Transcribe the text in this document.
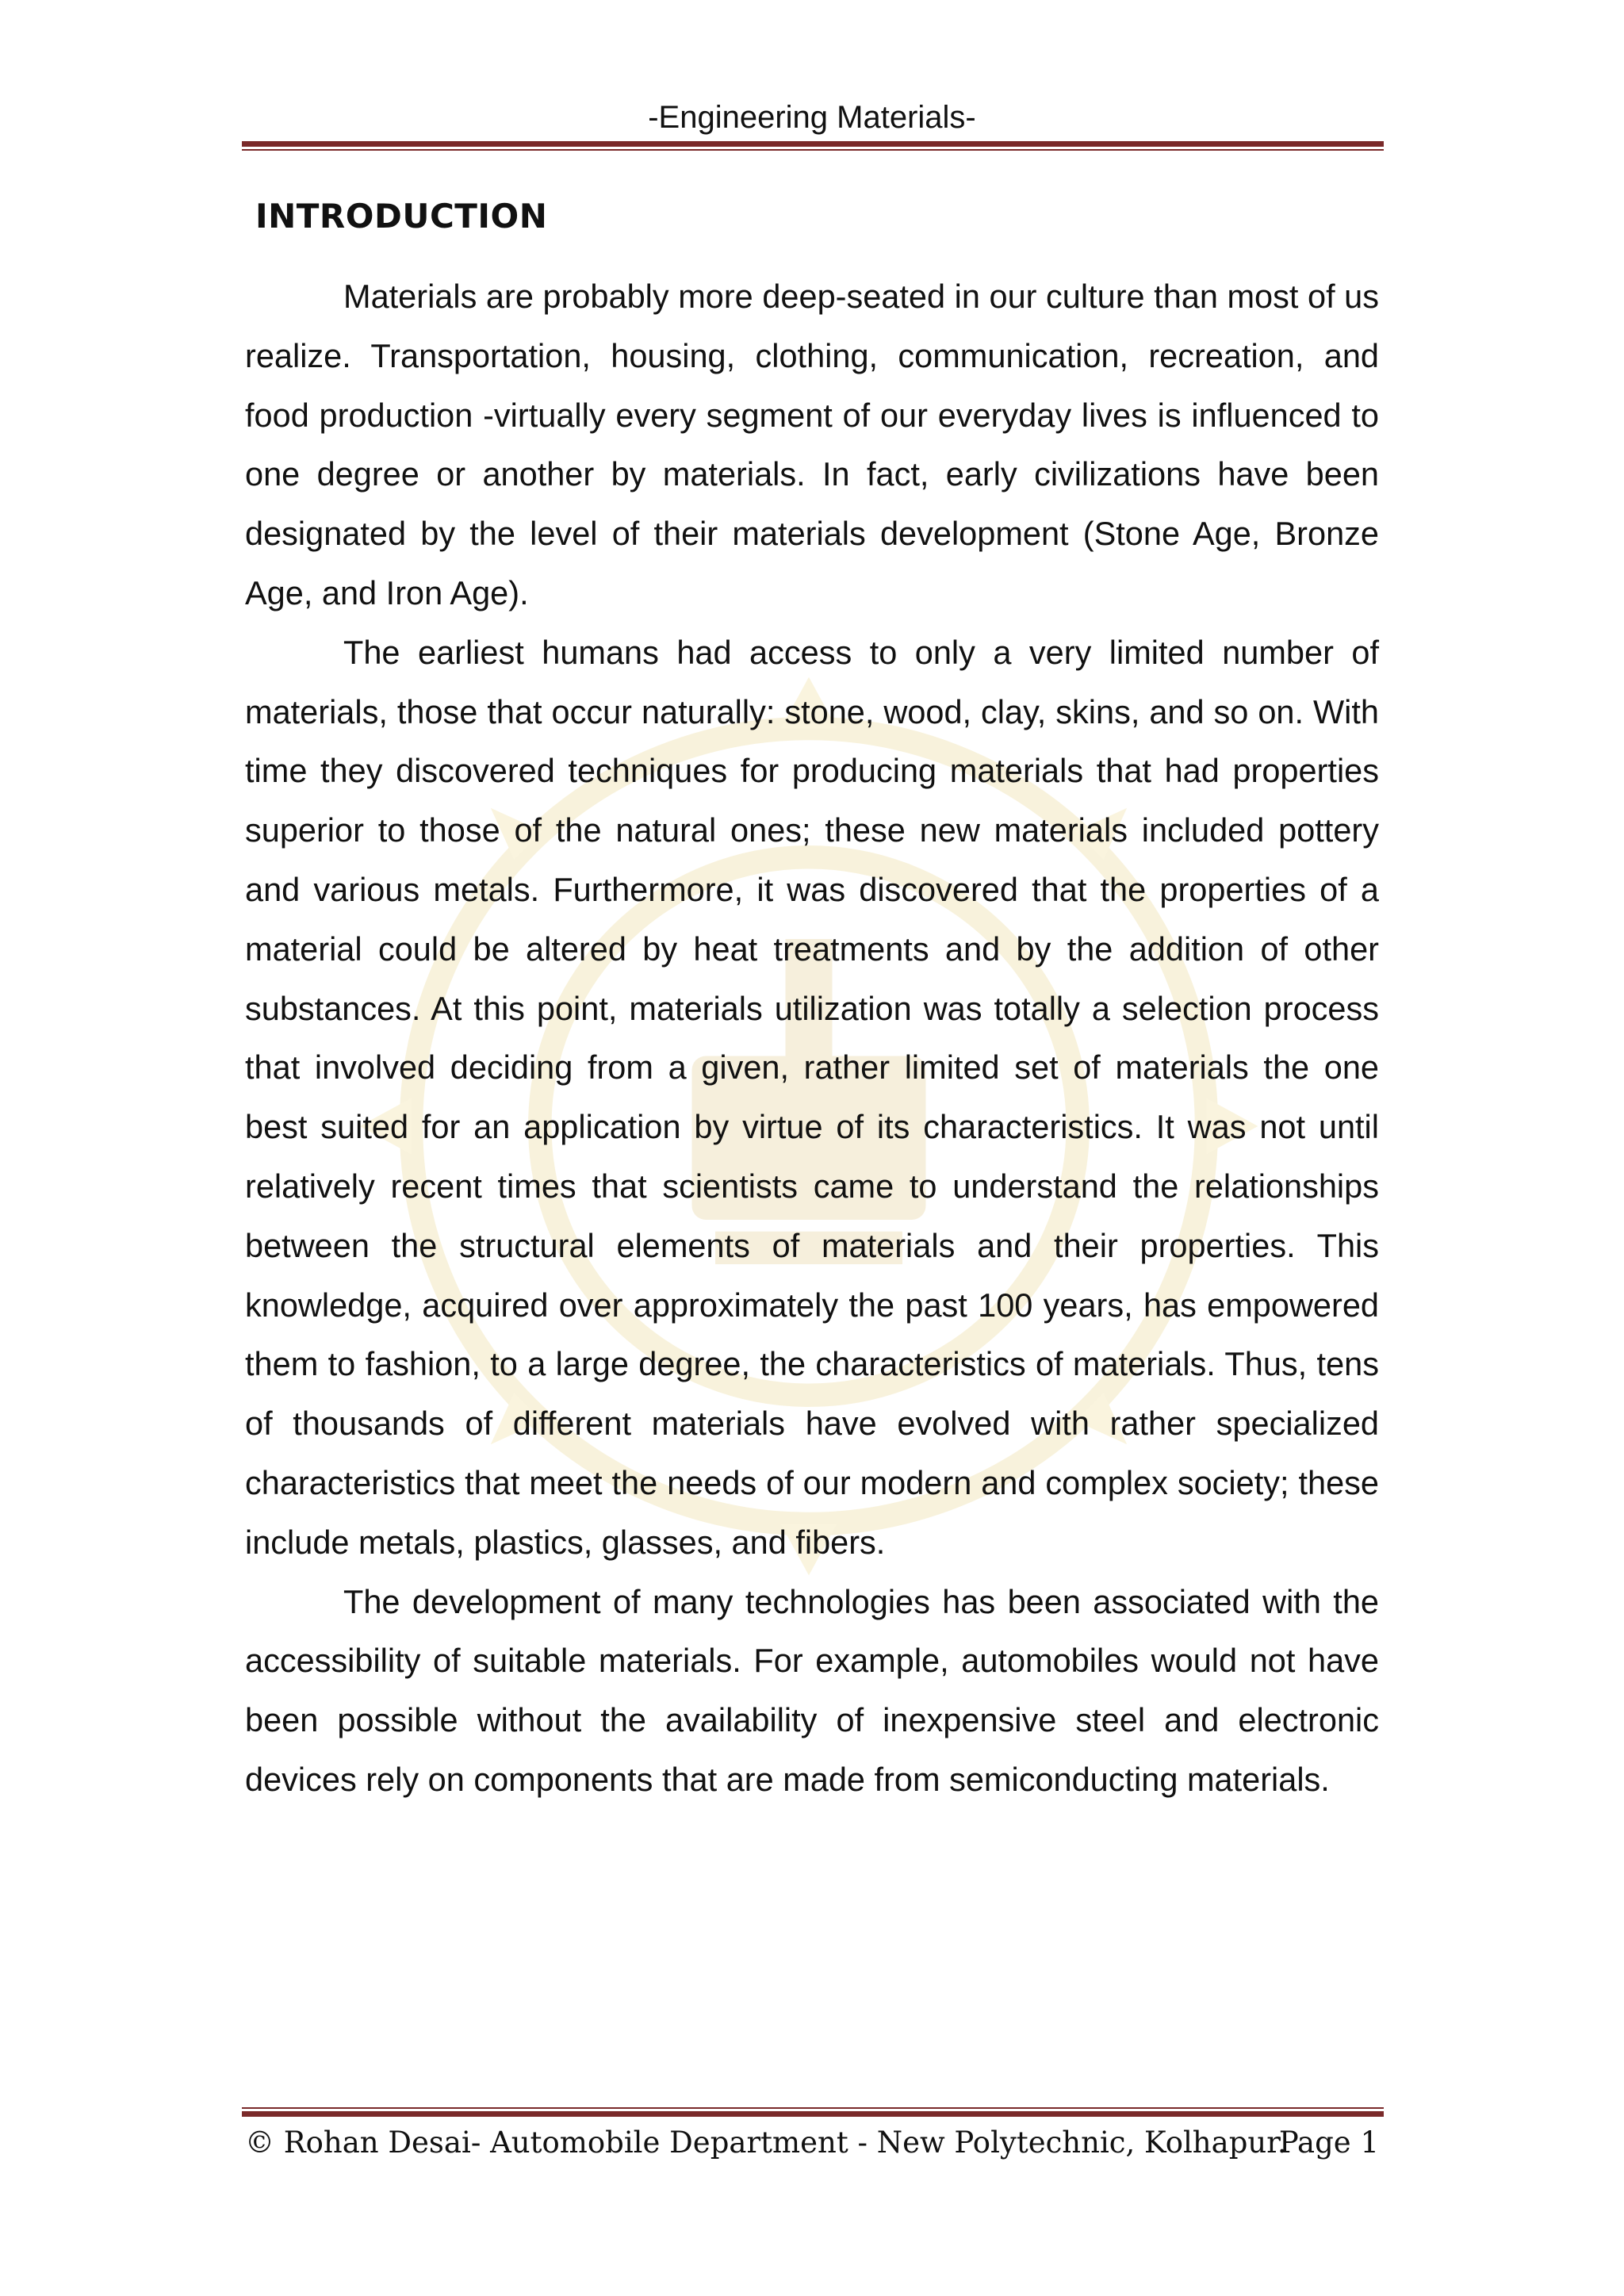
-Engineering Materials-
INTRODUCTION

Materials are probably more deep-seated in our culture than most of us realize. Transportation, housing, clothing, communication, recreation, and food production -virtually every segment of our everyday lives is influenced to one degree or another by materials. In fact, early civilizations have been designated by the level of their materials development (Stone Age, Bronze Age, and Iron Age).

The earliest humans had access to only a very limited number of materials, those that occur naturally: stone, wood, clay, skins, and so on. With time they discovered techniques for producing materials that had properties superior to those of the natural ones; these new materials included pottery and various metals. Furthermore, it was discovered that the properties of a material could be altered by heat treatments and by the addition of other substances. At this point, materials utilization was totally a selection process that involved deciding from a given, rather limited set of materials the one best suited for an application by virtue of its characteristics. It was not until relatively recent times that scientists came to understand the relationships between the structural elements of materials and their properties. This knowledge, acquired over approximately the past 100 years, has empowered them to fashion, to a large degree, the characteristics of materials. Thus, tens of thousands of different materials have evolved with rather specialized characteristics that meet the needs of our modern and complex society; these include metals, plastics, glasses, and fibers.

The development of many technologies has been associated with the accessibility of suitable materials. For example, automobiles would not have been possible without the availability of inexpensive steel and electronic devices rely on components that are made from semiconducting materials.

© Rohan Desai- Automobile Department - New Polytechnic, Kolhapur.
Page 1
